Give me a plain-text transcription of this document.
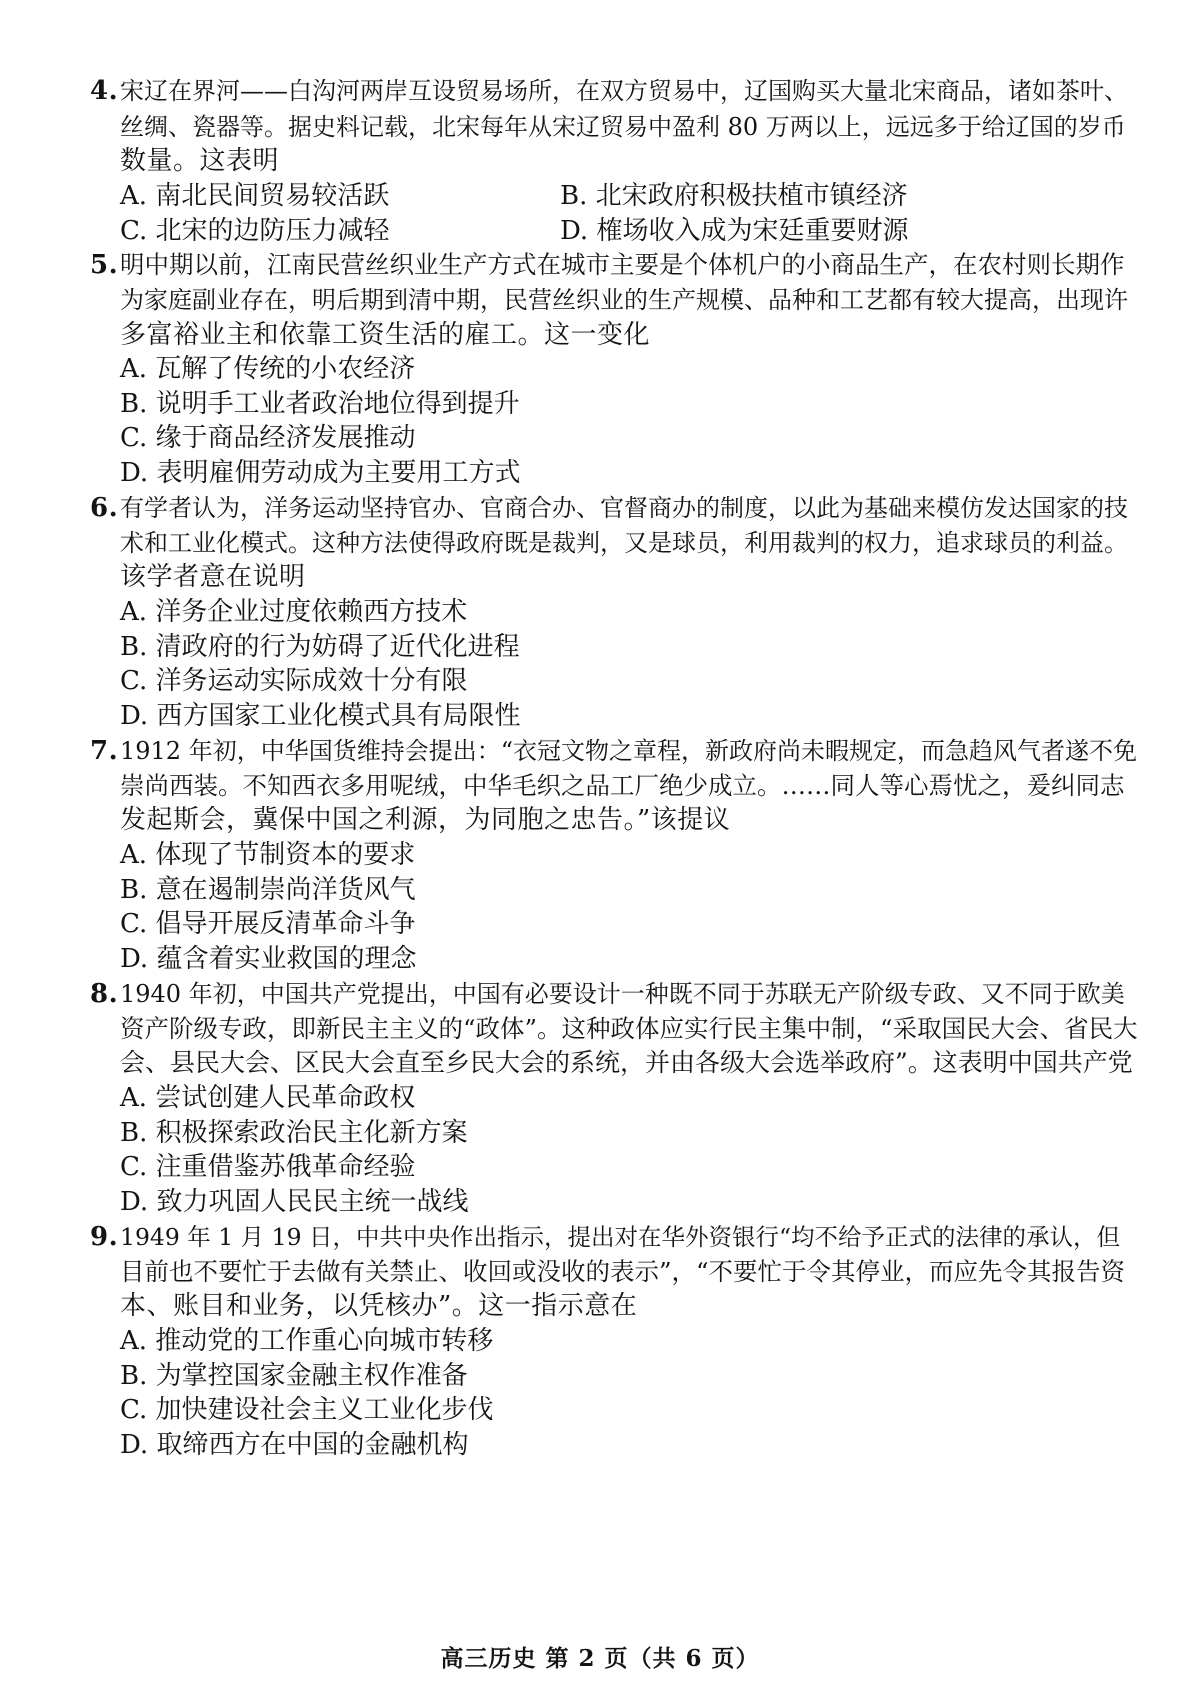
4. 宋辽在界河——白沟河两岸互设贸易场所，在双方贸易中，辽国购买大量北宋商品，诸如茶叶、
丝绸、瓷器等。据史料记载，北宋每年从宋辽贸易中盈利 80 万两以上，远远多于给辽国的岁币
数量。这表明
A. 南北民间贸易较活跃	B. 北宋政府积极扶植市镇经济
C. 北宋的边防压力减轻	D. 榷场收入成为宋廷重要财源
5. 明中期以前，江南民营丝织业生产方式在城市主要是个体机户的小商品生产，在农村则长期作
为家庭副业存在，明后期到清中期，民营丝织业的生产规模、品种和工艺都有较大提高，出现许
多富裕业主和依靠工资生活的雇工。这一变化
A. 瓦解了传统的小农经济
B. 说明手工业者政治地位得到提升
C. 缘于商品经济发展推动
D. 表明雇佣劳动成为主要用工方式
6. 有学者认为，洋务运动坚持官办、官商合办、官督商办的制度，以此为基础来模仿发达国家的技
术和工业化模式。这种方法使得政府既是裁判，又是球员，利用裁判的权力，追求球员的利益。
该学者意在说明
A. 洋务企业过度依赖西方技术
B. 清政府的行为妨碍了近代化进程
C. 洋务运动实际成效十分有限
D. 西方国家工业化模式具有局限性
7. 1912 年初，中华国货维持会提出：“衣冠文物之章程，新政府尚未暇规定，而急趋风气者遂不免
崇尚西装。不知西衣多用呢绒，中华毛织之品工厂绝少成立。……同人等心焉忧之，爰纠同志
发起斯会，冀保中国之利源，为同胞之忠告。”该提议
A. 体现了节制资本的要求
B. 意在遏制崇尚洋货风气
C. 倡导开展反清革命斗争
D. 蕴含着实业救国的理念
8. 1940 年初，中国共产党提出，中国有必要设计一种既不同于苏联无产阶级专政、又不同于欧美
资产阶级专政，即新民主主义的“政体”。这种政体应实行民主集中制，“采取国民大会、省民大
会、县民大会、区民大会直至乡民大会的系统，并由各级大会选举政府”。这表明中国共产党
A. 尝试创建人民革命政权
B. 积极探索政治民主化新方案
C. 注重借鉴苏俄革命经验
D. 致力巩固人民民主统一战线
9. 1949 年 1 月 19 日，中共中央作出指示，提出对在华外资银行“均不给予正式的法律的承认，但
目前也不要忙于去做有关禁止、收回或没收的表示”，“不要忙于令其停业，而应先令其报告资
本、账目和业务，以凭核办”。这一指示意在
A. 推动党的工作重心向城市转移
B. 为掌控国家金融主权作准备
C. 加快建设社会主义工业化步伐
D. 取缔西方在中国的金融机构
高三历史 第 2 页（共 6 页）
